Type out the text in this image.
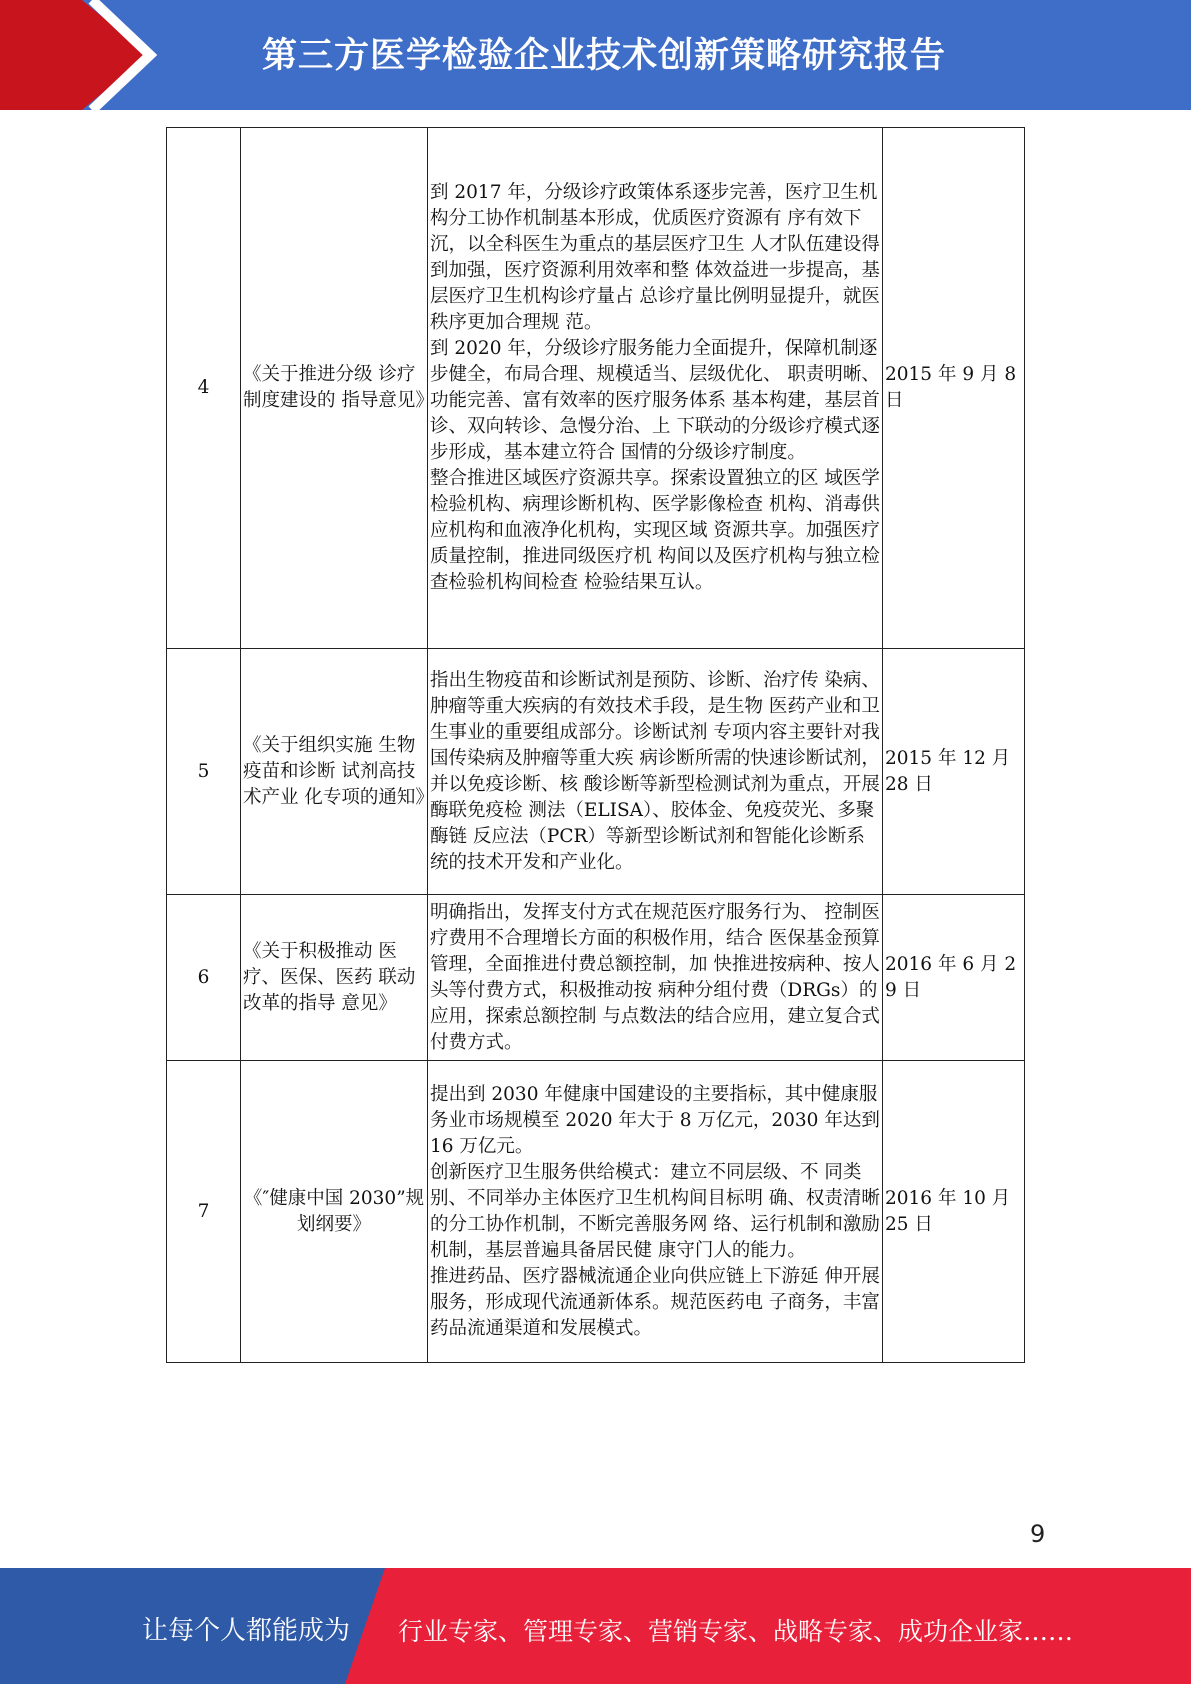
第三方医学检验企业技术创新策略研究报告
4	《关于推进分级 诊疗制度建设的 指导意见》	到 2017 年，分级诊疗政策体系逐步完善，医疗卫生机构分工协作机制基本形成，优质医疗资源有 序有效下沉，以全科医生为重点的基层医疗卫生 人才队伍建设得到加强，医疗资源利用效率和整 体效益进一步提高，基层医疗卫生机构诊疗量占 总诊疗量比例明显提升，就医秩序更加合理规 范。

到 2020 年，分级诊疗服务能力全面提升，保障机制逐步健全，布局合理、规模适当、层级优化、 职责明晰、功能完善、富有效率的医疗服务体系 基本构建，基层首诊、双向转诊、急慢分治、上 下联动的分级诊疗模式逐步形成，基本建立符合 国情的分级诊疗制度。

整合推进区域医疗资源共享。探索设置独立的区 域医学检验机构、病理诊断机构、医学影像检查 机构、消毒供应机构和血液净化机构，实现区域 资源共享。加强医疗质量控制，推进同级医疗机 构间以及医疗机构与独立检查检验机构间检查 检验结果互认。	2015 年 9 月 8 日
5	《关于组织实施 生物疫苗和诊断 试剂高技术产业 化专项的通知》	指出生物疫苗和诊断试剂是预防、诊断、治疗传 染病、肿瘤等重大疾病的有效技术手段，是生物 医药产业和卫生事业的重要组成部分。诊断试剂 专项内容主要针对我国传染病及肿瘤等重大疾 病诊断所需的快速诊断试剂，并以免疫诊断、核 酸诊断等新型检测试剂为重点，开展酶联免疫检 测法（ELISA）、胶体金、免疫荧光、多聚酶链 反应法（PCR）等新型诊断试剂和智能化诊断系 统的技术开发和产业化。	2015 年 12 月 28 日
6	《关于积极推动 医疗、医保、医药 联动改革的指导 意见》	明确指出，发挥支付方式在规范医疗服务行为、 控制医疗费用不合理增长方面的积极作用，结合 医保基金预算管理，全面推进付费总额控制，加 快推进按病种、按人头等付费方式，积极推动按 病种分组付费（DRGs）的应用，探索总额控制 与点数法的结合应用，建立复合式付费方式。	2016 年 6 月 29 日
7	《″健康中国 2030”规划纲要》	提出到 2030 年健康中国建设的主要指标，其中健康服务业市场规模至 2020 年大于 8 万亿元，2030 年达到 16 万亿元。

创新医疗卫生服务供给模式：建立不同层级、不 同类别、不同举办主体医疗卫生机构间目标明 确、权责清晰的分工协作机制，不断完善服务网 络、运行机制和激励机制，基层普遍具备居民健 康守门人的能力。

推进药品、医疗器械流通企业向供应链上下游延 伸开展服务，形成现代流通新体系。规范医药电 子商务，丰富药品流通渠道和发展模式。	2016 年 10 月 25 日
9
让每个人都能成为 行业专家、管理专家、营销专家、战略专家、成功企业家……
